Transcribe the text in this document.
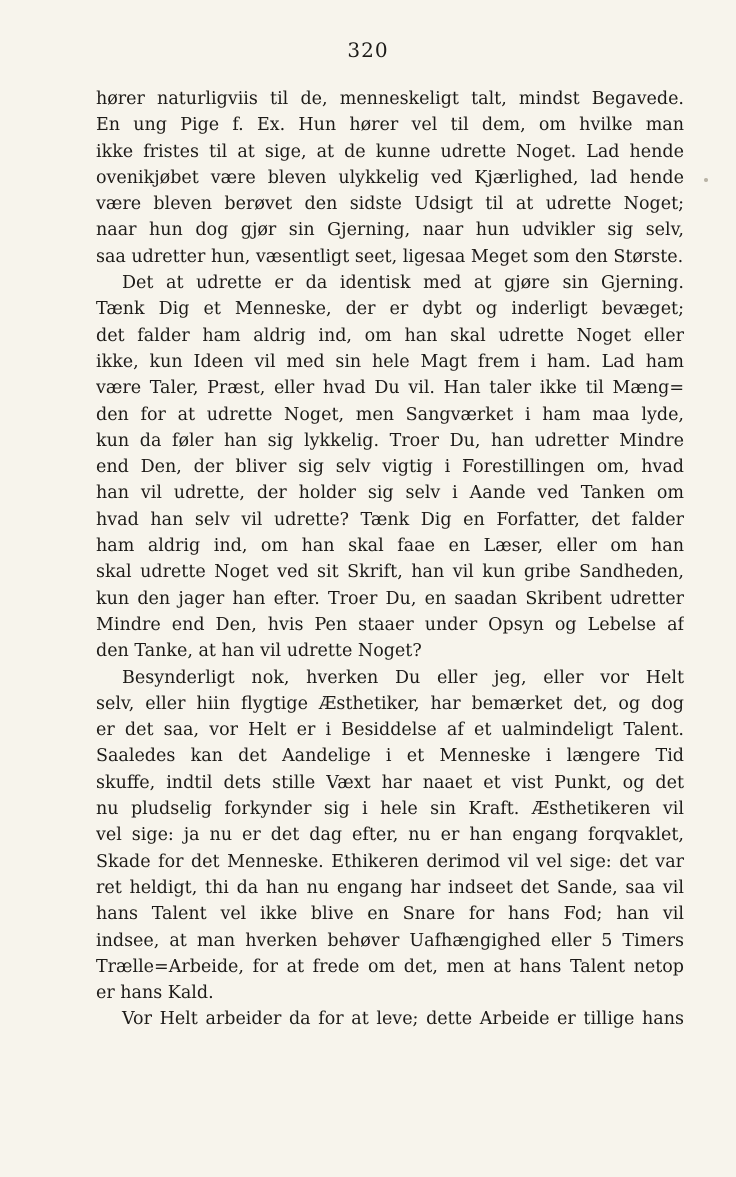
320
hører naturligviis til de, menneskeligt talt, mindst Begavede.
En ung Pige f. Ex. Hun hører vel til dem, om hvilke man
ikke fristes til at sige, at de kunne udrette Noget. Lad hende
ovenikjøbet være bleven ulykkelig ved Kjærlighed, lad hende
være bleven berøvet den sidste Udsigt til at udrette Noget;
naar hun dog gjør sin Gjerning, naar hun udvikler sig selv,
saa udretter hun, væsentligt seet, ligesaa Meget som den Største.
Det at udrette er da identisk med at gjøre sin Gjerning.
Tænk Dig et Menneske, der er dybt og inderligt bevæget;
det falder ham aldrig ind, om han skal udrette Noget eller
ikke, kun Ideen vil med sin hele Magt frem i ham. Lad ham
være Taler, Præst, eller hvad Du vil. Han taler ikke til Mæng=
den for at udrette Noget, men Sangværket i ham maa lyde,
kun da føler han sig lykkelig. Troer Du, han udretter Mindre
end Den, der bliver sig selv vigtig i Forestillingen om, hvad
han vil udrette, der holder sig selv i Aande ved Tanken om
hvad han selv vil udrette? Tænk Dig en Forfatter, det falder
ham aldrig ind, om han skal faae en Læser, eller om han
skal udrette Noget ved sit Skrift, han vil kun gribe Sandheden,
kun den jager han efter. Troer Du, en saadan Skribent udretter
Mindre end Den, hvis Pen staaer under Opsyn og Lebelse af
den Tanke, at han vil udrette Noget?
Besynderligt nok, hverken Du eller jeg, eller vor Helt
selv, eller hiin flygtige Æsthetiker, har bemærket det, og dog
er det saa, vor Helt er i Besiddelse af et ualmindeligt Talent.
Saaledes kan det Aandelige i et Menneske i længere Tid
skuffe, indtil dets stille Væxt har naaet et vist Punkt, og det
nu pludselig forkynder sig i hele sin Kraft. Æsthetikeren vil
vel sige: ja nu er det dag efter, nu er han engang forqvaklet,
Skade for det Menneske. Ethikeren derimod vil vel sige: det var
ret heldigt, thi da han nu engang har indseet det Sande, saa vil
hans Talent vel ikke blive en Snare for hans Fod; han vil
indsee, at man hverken behøver Uafhængighed eller 5 Timers
Trælle=Arbeide, for at frede om det, men at hans Talent netop
er hans Kald.
Vor Helt arbeider da for at leve; dette Arbeide er tillige hans
